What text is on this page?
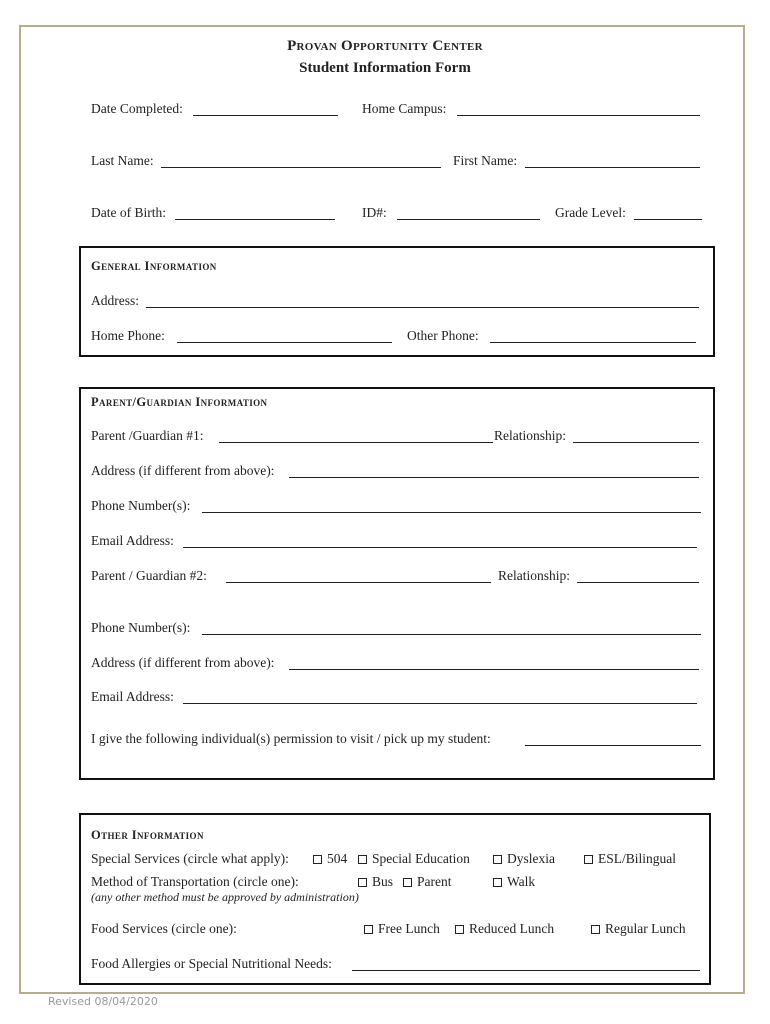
Provan Opportunity Center
Student Information Form
Date Completed:	Home Campus:
Last Name:	First Name:
Date of Birth:	ID#:	Grade Level:
General Information
Address:
Home Phone:	Other Phone:
Parent/Guardian Information
Parent /Guardian #1:	Relationship:
Address (if different from above):
Phone Number(s):
Email Address:
Parent / Guardian #2:	Relationship:
Phone Number(s):
Address (if different from above):
Email Address:
I give the following individual(s) permission to visit / pick up my student:
Other Information
Special Services (circle what apply):	504	Special Education	Dyslexia	ESL/Bilingual
Method of Transportation (circle one):	Bus	Parent	Walk
(any other method must be approved by administration)
Food Services (circle one):	Free Lunch	Reduced Lunch	Regular Lunch
Food Allergies or Special Nutritional Needs:
Revised 08/04/2020
